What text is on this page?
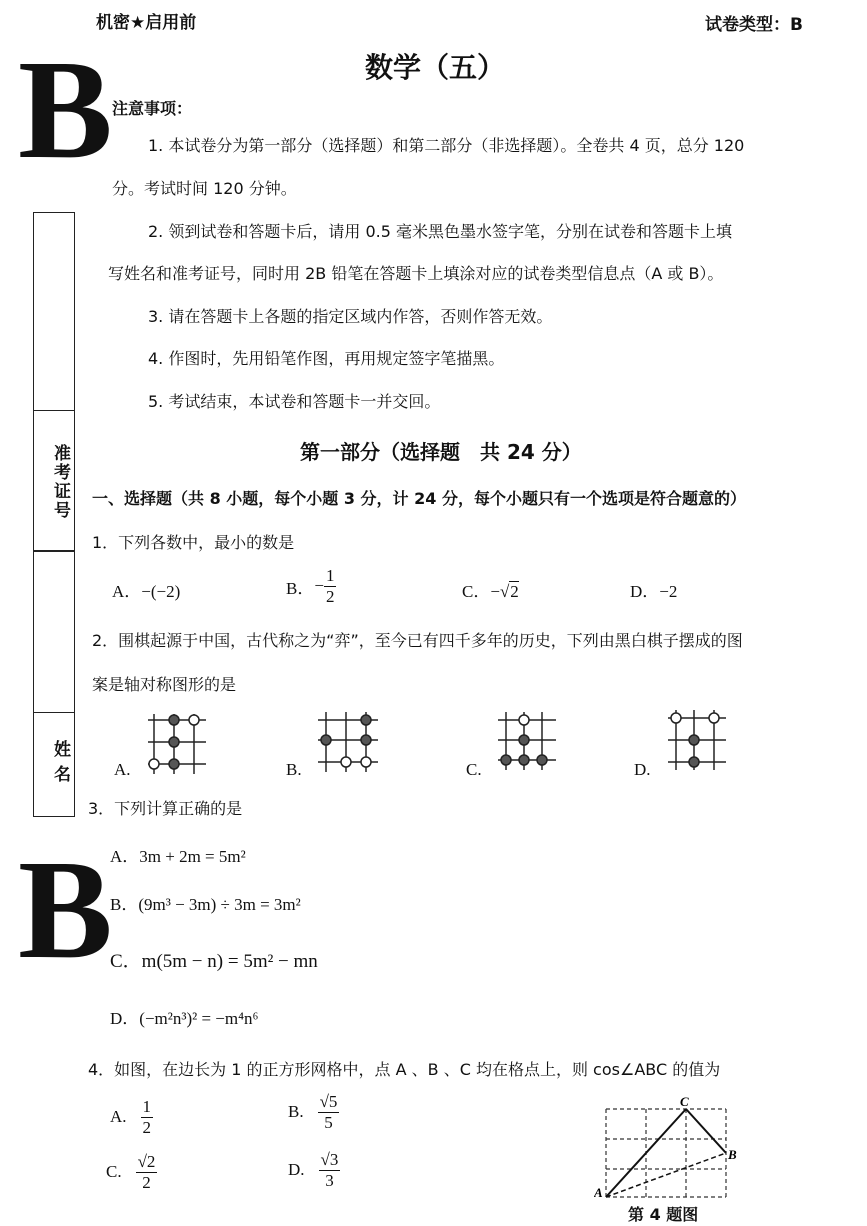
机密★启用前	试卷类型：B
B
B
准考证号
姓名
数学（五）
注意事项：
1. 本试卷分为第一部分（选择题）和第二部分（非选择题）。全卷共 4 页，总分 120
分。考试时间 120 分钟。
2. 领到试卷和答题卡后，请用 0.5 毫米黑色墨水签字笔，分别在试卷和答题卡上填
写姓名和准考证号，同时用 2B 铅笔在答题卡上填涂对应的试卷类型信息点（A 或 B）。
3. 请在答题卡上各题的指定区域内作答，否则作答无效。
4. 作图时，先用铅笔作图，再用规定签字笔描黑。
5. 考试结束，本试卷和答题卡一并交回。
第一部分（选择题　共 24 分）
一、选择题（共 8 小题，每个小题 3 分，计 24 分，每个小题只有一个选项是符合题意的）
1．下列各数中，最小的数是
A．−(−2)	B． − $\frac{1}{2}$	C．−√2	D．−2
2．围棋起源于中国，古代称之为“弈”，至今已有四千多年的历史，下列由黑白棋子摆成的图
案是轴对称图形的是
A.	B.	C.	D.
3．下列计算正确的是
A．3m + 2m = 5m²
B．(9m³ − 3m) ÷ 3m = 3m²
C．m(5m − n) = 5m² − mn
D．(−m²n³)² = −m⁴n⁶
4．如图，在边长为 1 的正方形网格中，点 A 、B 、C 均在格点上，则 cos∠ABC 的值为
A. $\frac{1}{2}$	B. $\frac{√5}{5}$
C. $\frac{√2}{2}$	D. $\frac{√3}{3}$
A
B
C
第 4 题图
